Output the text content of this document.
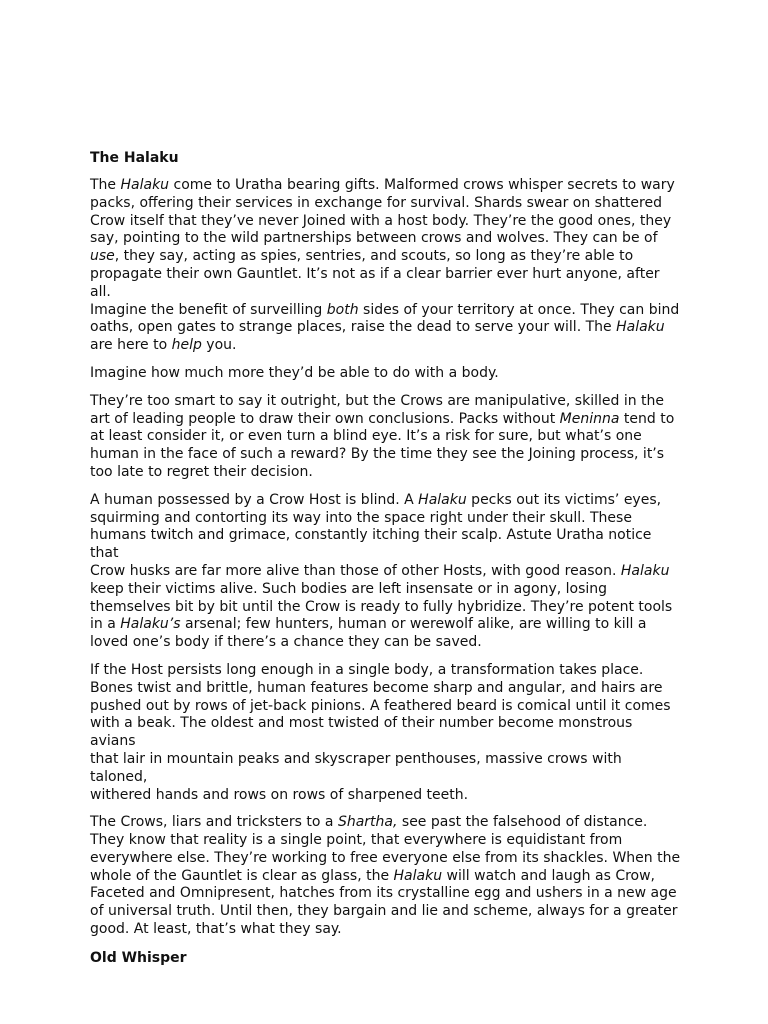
The Halaku

The Halaku come to Uratha bearing gifts. Malformed crows whisper secrets to wary
packs, offering their services in exchange for survival. Shards swear on shattered
Crow itself that they’ve never Joined with a host body. They’re the good ones, they
say, pointing to the wild partnerships between crows and wolves. They can be of
use, they say, acting as spies, sentries, and scouts, so long as they’re able to
propagate their own Gauntlet. It’s not as if a clear barrier ever hurt anyone, after all.
Imagine the benefit of surveilling both sides of your territory at once. They can bind
oaths, open gates to strange places, raise the dead to serve your will. The Halaku
are here to help you.

Imagine how much more they’d be able to do with a body.

They’re too smart to say it outright, but the Crows are manipulative, skilled in the
art of leading people to draw their own conclusions. Packs without Meninna tend to
at least consider it, or even turn a blind eye. It’s a risk for sure, but what’s one
human in the face of such a reward? By the time they see the Joining process, it’s
too late to regret their decision.

A human possessed by a Crow Host is blind. A Halaku pecks out its victims’ eyes,
squirming and contorting its way into the space right under their skull. These
humans twitch and grimace, constantly itching their scalp. Astute Uratha notice that
Crow husks are far more alive than those of other Hosts, with good reason. Halaku
keep their victims alive. Such bodies are left insensate or in agony, losing
themselves bit by bit until the Crow is ready to fully hybridize. They’re potent tools
in a Halaku’s arsenal; few hunters, human or werewolf alike, are willing to kill a
loved one’s body if there’s a chance they can be saved.

If the Host persists long enough in a single body, a transformation takes place.
Bones twist and brittle, human features become sharp and angular, and hairs are
pushed out by rows of jet-back pinions. A feathered beard is comical until it comes
with a beak. The oldest and most twisted of their number become monstrous avians
that lair in mountain peaks and skyscraper penthouses, massive crows with taloned,
withered hands and rows on rows of sharpened teeth.

The Crows, liars and tricksters to a Shartha, see past the falsehood of distance.
They know that reality is a single point, that everywhere is equidistant from
everywhere else. They’re working to free everyone else from its shackles. When the
whole of the Gauntlet is clear as glass, the Halaku will watch and laugh as Crow,
Faceted and Omnipresent, hatches from its crystalline egg and ushers in a new age
of universal truth. Until then, they bargain and lie and scheme, always for a greater
good. At least, that’s what they say.

Old Whisper
